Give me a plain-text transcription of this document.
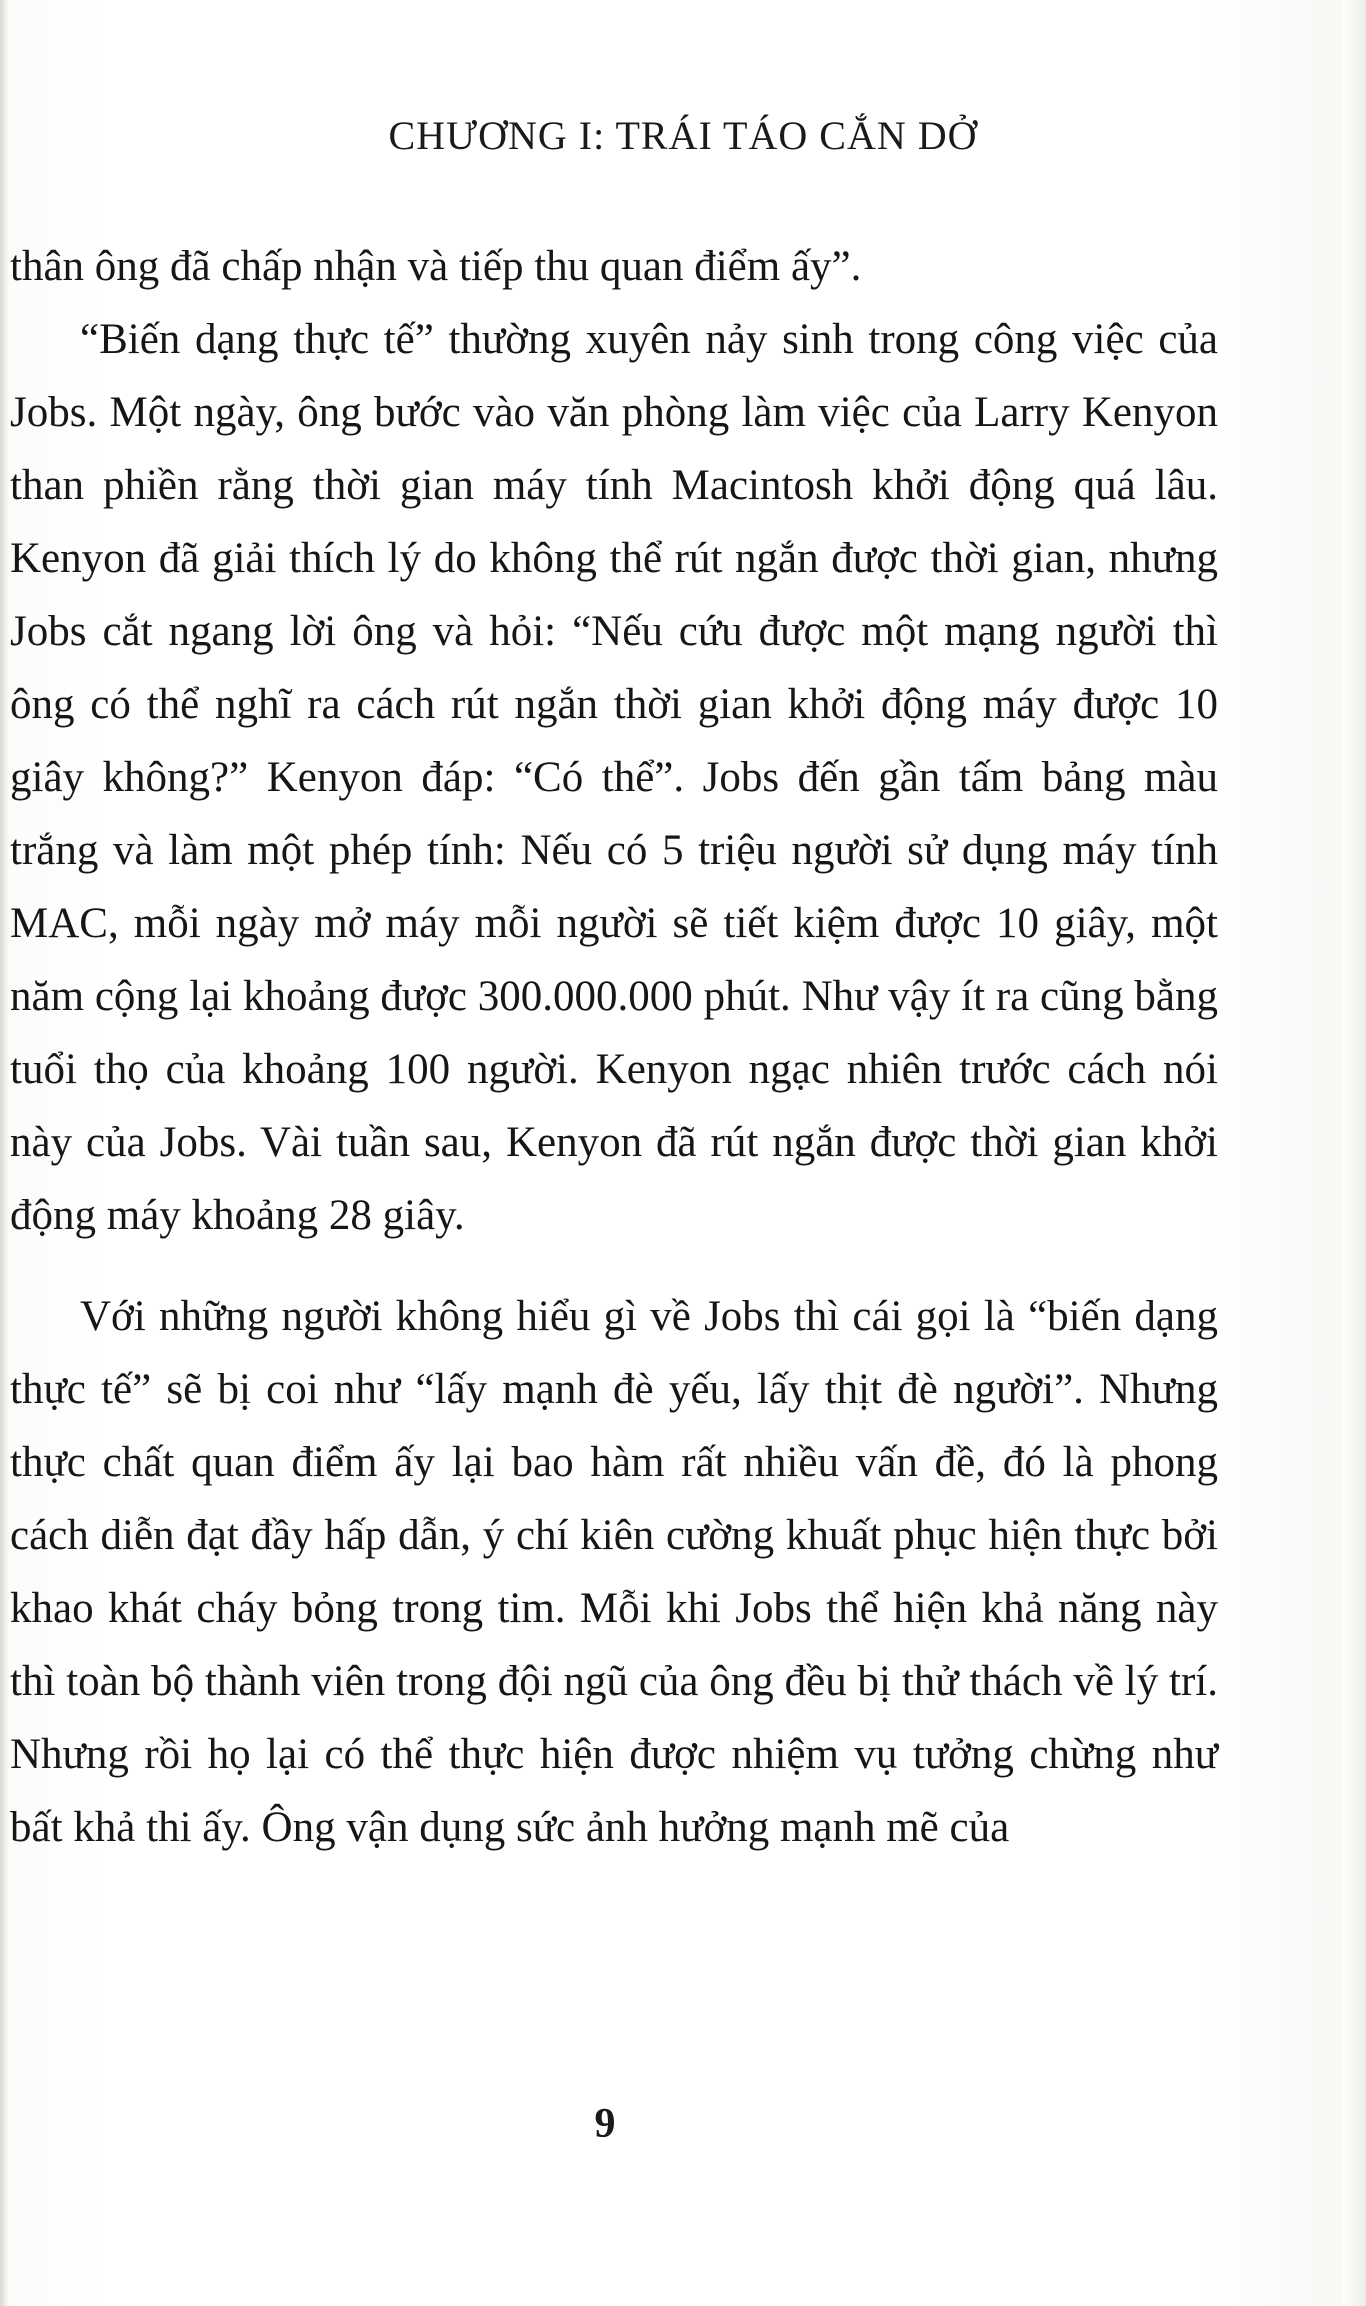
CHƯƠNG I: TRÁI TÁO CẮN DỞ

thân ông đã chấp nhận và tiếp thu quan điểm ấy”.

“Biến dạng thực tế” thường xuyên nảy sinh trong công việc của Jobs. Một ngày, ông bước vào văn phòng làm việc của Larry Kenyon than phiền rằng thời gian máy tính Macintosh khởi động quá lâu. Kenyon đã giải thích lý do không thể rút ngắn được thời gian, nhưng Jobs cắt ngang lời ông và hỏi: “Nếu cứu được một mạng người thì ông có thể nghĩ ra cách rút ngắn thời gian khởi động máy được 10 giây không?” Kenyon đáp: “Có thể”. Jobs đến gần tấm bảng màu trắng và làm một phép tính: Nếu có 5 triệu người sử dụng máy tính MAC, mỗi ngày mở máy mỗi người sẽ tiết kiệm được 10 giây, một năm cộng lại khoảng được 300.000.000 phút. Như vậy ít ra cũng bằng tuổi thọ của khoảng 100 người. Kenyon ngạc nhiên trước cách nói này của Jobs. Vài tuần sau, Kenyon đã rút ngắn được thời gian khởi động máy khoảng 28 giây.

Với những người không hiểu gì về Jobs thì cái gọi là “biến dạng thực tế” sẽ bị coi như “lấy mạnh đè yếu, lấy thịt đè người”. Nhưng thực chất quan điểm ấy lại bao hàm rất nhiều vấn đề, đó là phong cách diễn đạt đầy hấp dẫn, ý chí kiên cường khuất phục hiện thực bởi khao khát cháy bỏng trong tim. Mỗi khi Jobs thể hiện khả năng này thì toàn bộ thành viên trong đội ngũ của ông đều bị thử thách về lý trí. Nhưng rồi họ lại có thể thực hiện được nhiệm vụ tưởng chừng như bất khả thi ấy. Ông vận dụng sức ảnh hưởng mạnh mẽ của

9
